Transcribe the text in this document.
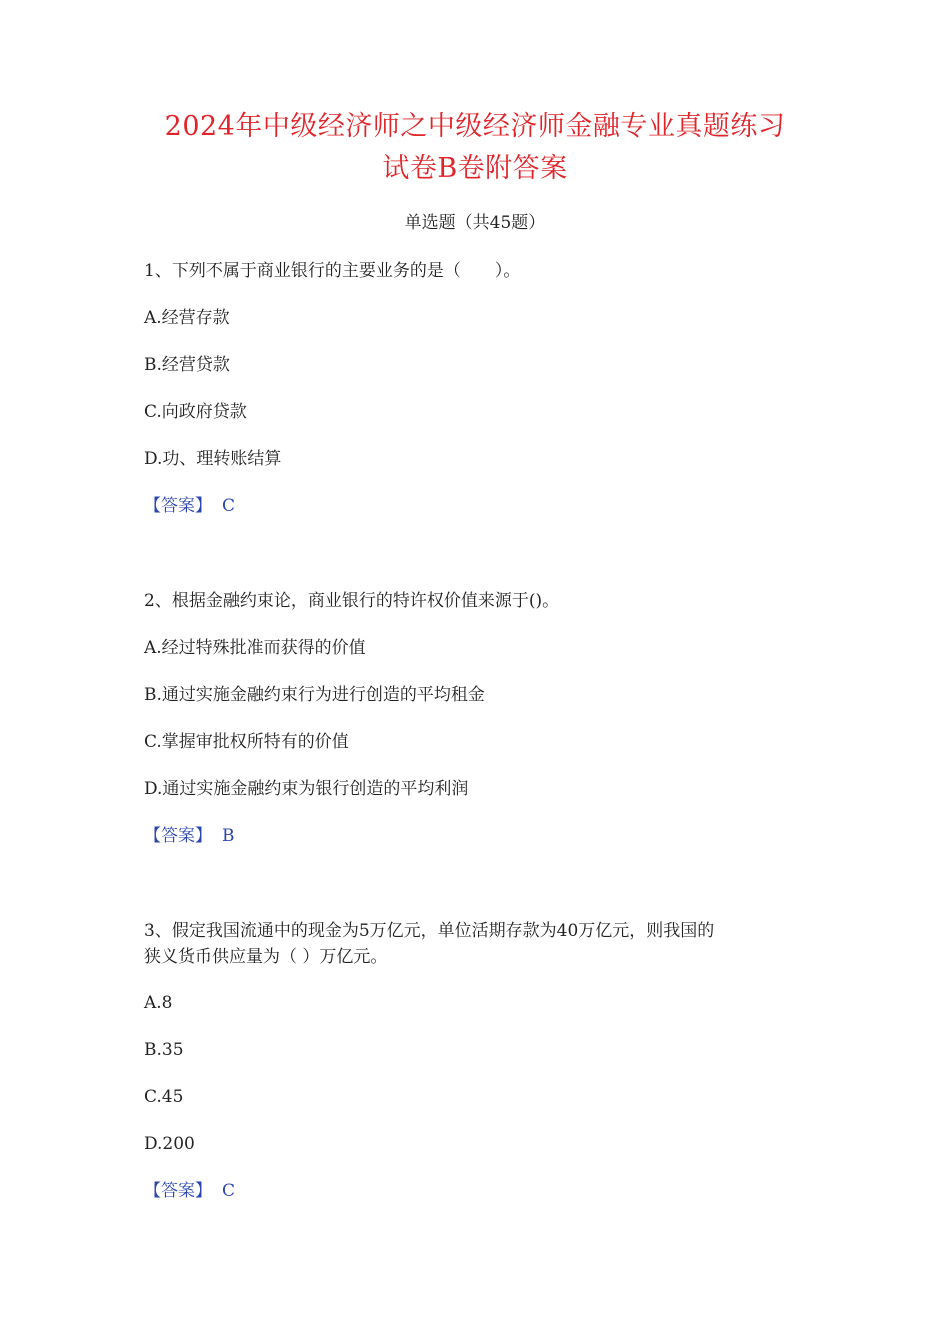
2024年中级经济师之中级经济师金融专业真题练习
试卷B卷附答案
单选题（共45题）
1、下列不属于商业银行的主要业务的是（　　）。
A.经营存款
B.经营贷款
C.向政府贷款
D.功、理转账结算
【答案】 C
2、根据金融约束论，商业银行的特许权价值来源于()。
A.经过特殊批准而获得的价值
B.通过实施金融约束行为进行创造的平均租金
C.掌握审批权所特有的价值
D.通过实施金融约束为银行创造的平均利润
【答案】 B
3、假定我国流通中的现金为5万亿元，单位活期存款为40万亿元，则我国的
狭义货币供应量为（ ）万亿元。
A.8
B.35
C.45
D.200
【答案】 C
